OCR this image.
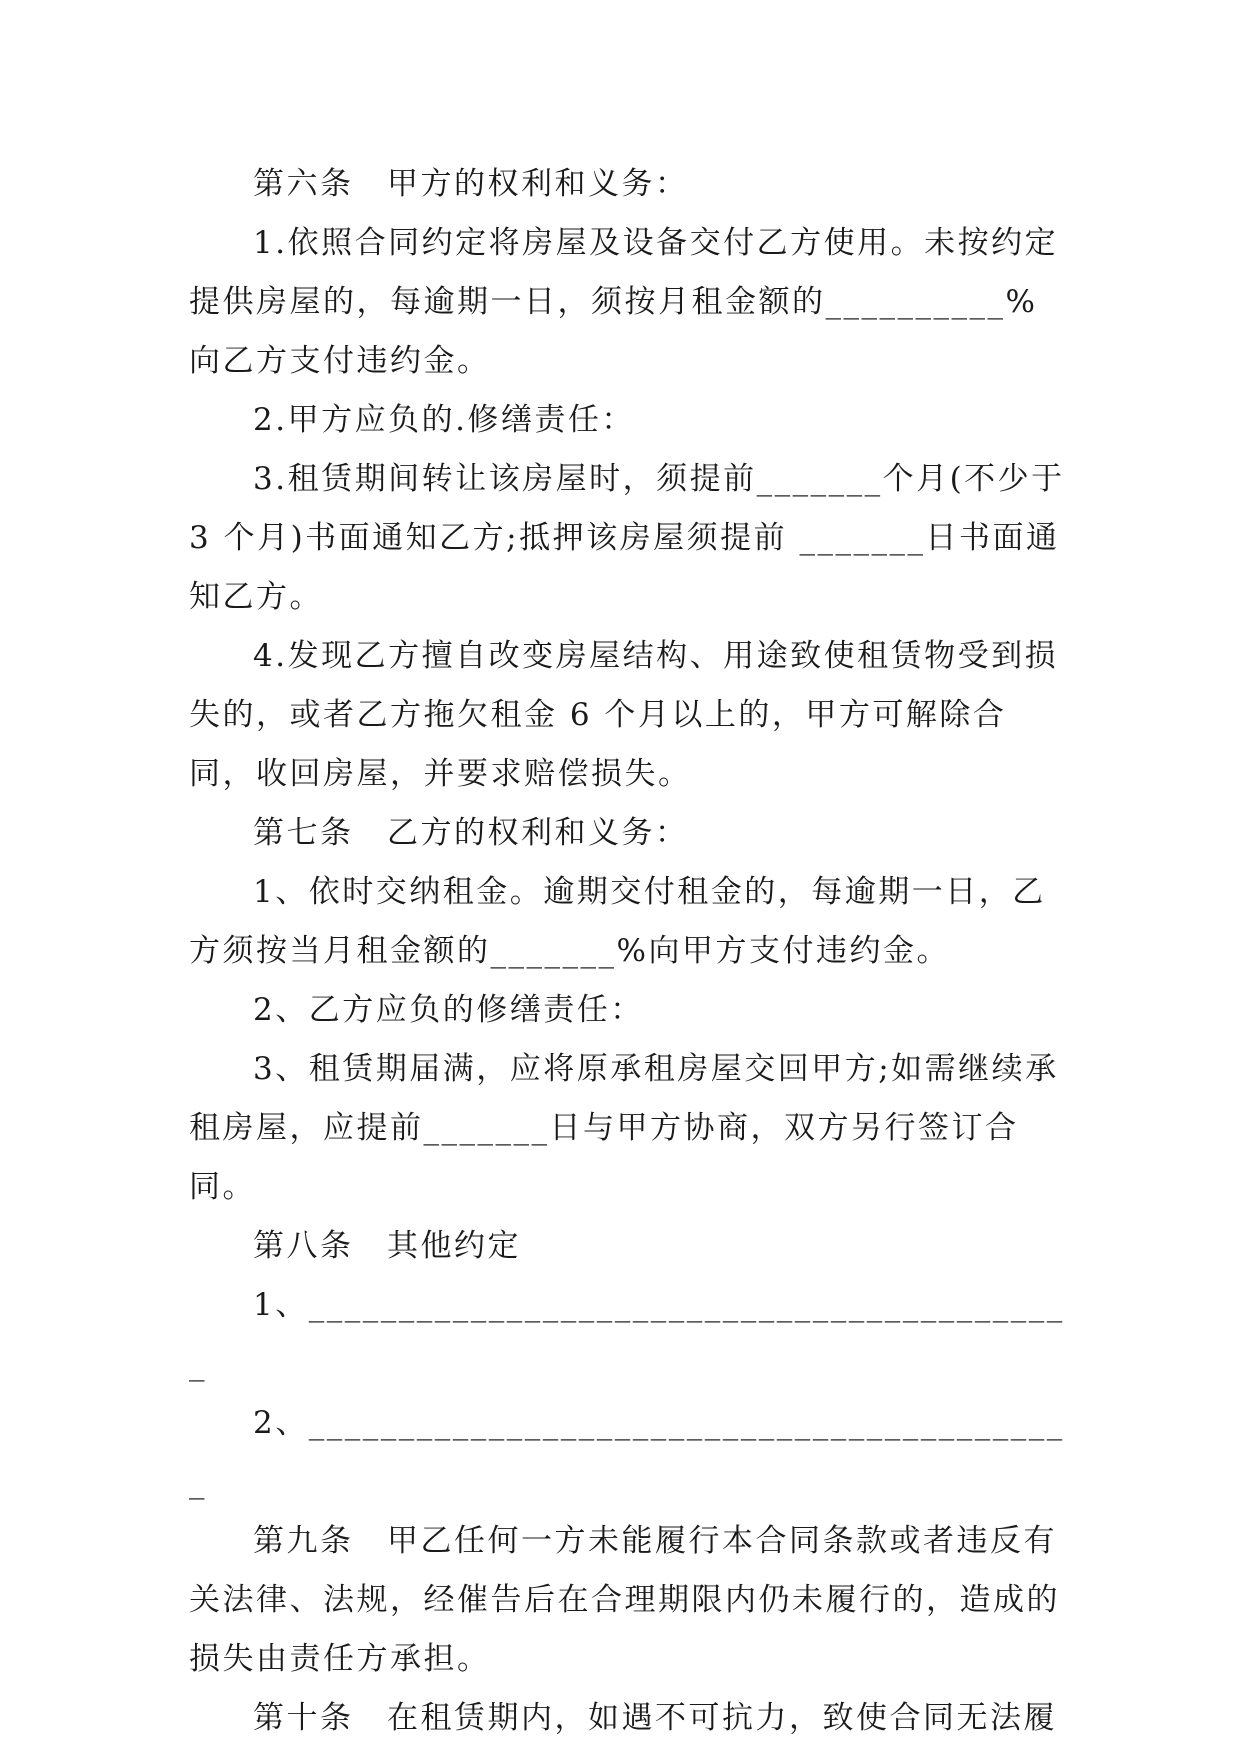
第六条　甲方的权利和义务：

1.依照合同约定将房屋及设备交付乙方使用。未按约定提供房屋的，每逾期一日，须按月租金额的__________%向乙方支付违约金。

2.甲方应负的.修缮责任：

3.租赁期间转让该房屋时，须提前_______个月(不少于 3 个月)书面通知乙方;抵押该房屋须提前 _______日书面通知乙方。

4.发现乙方擅自改变房屋结构、用途致使租赁物受到损失的，或者乙方拖欠租金 6 个月以上的，甲方可解除合同，收回房屋，并要求赔偿损失。

第七条　乙方的权利和义务：

1、依时交纳租金。逾期交付租金的，每逾期一日，乙方须按当月租金额的_______%向甲方支付违约金。

2、乙方应负的修缮责任：

3、租赁期届满，应将原承租房屋交回甲方;如需继续承租房屋，应提前_______日与甲方协商，双方另行签订合同。

第八条　其他约定

1、___________________________________________

2、___________________________________________

第九条　甲乙任何一方未能履行本合同条款或者违反有关法律、法规，经催告后在合理期限内仍未履行的，造成的损失由责任方承担。

第十条　在租赁期内，如遇不可抗力，致使合同无法履
